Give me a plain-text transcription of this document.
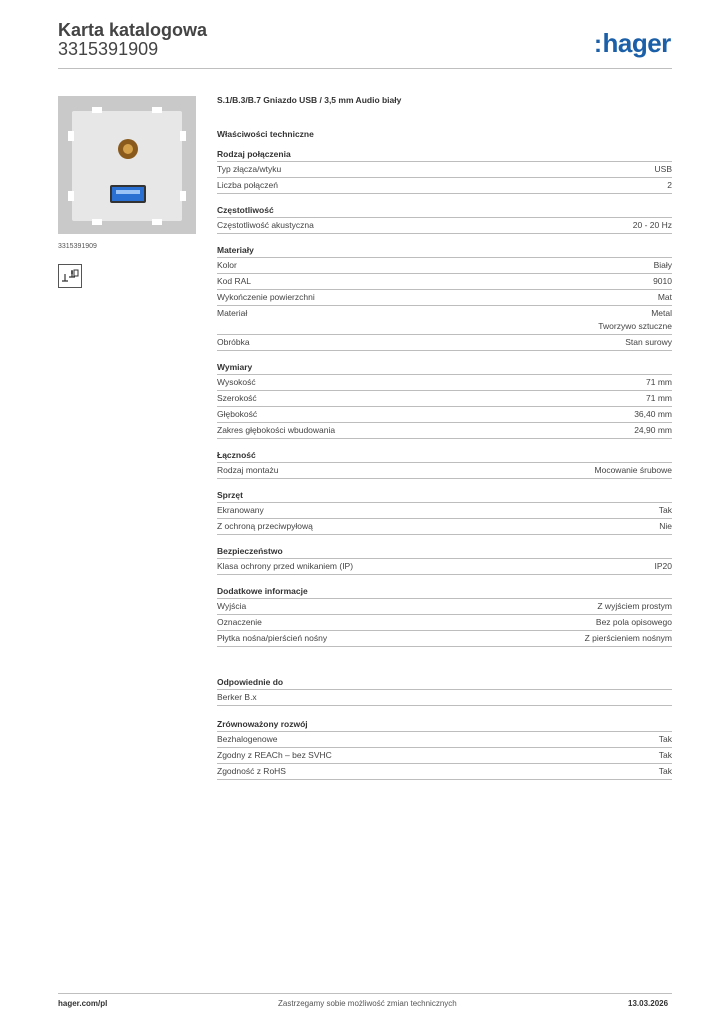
Karta katalogowa
3315391909	:hager
3315391909
S.1/B.3/B.7 Gniazdo USB / 3,5 mm Audio biały
Właściwości techniczne
Rodzaj połączenia
Typ złącza/wtyku	USB
Liczba połączeń	2
Częstotliwość
Częstotliwość akustyczna	20 - 20 Hz
Materiały
Kolor	Biały
Kod RAL	9010
Wykończenie powierzchni	Mat
Materiał	Metal
Tworzywo sztuczne
Obróbka	Stan surowy
Wymiary
Wysokość	71 mm
Szerokość	71 mm
Głębokość	36,40 mm
Zakres głębokości wbudowania	24,90 mm
Łączność
Rodzaj montażu	Mocowanie śrubowe
Sprzęt
Ekranowany	Tak
Z ochroną przeciwpyłową	Nie
Bezpieczeństwo
Klasa ochrony przed wnikaniem (IP)	IP20
Dodatkowe informacje
Wyjścia	Z wyjściem prostym
Oznaczenie	Bez pola opisowego
Płytka nośna/pierścień nośny	Z pierścieniem nośnym
Odpowiednie do
Berker B.x
Zrównoważony rozwój
Bezhalogenowe	Tak
Zgodny z REACh – bez SVHC	Tak
Zgodność z RoHS	Tak
hager.com/pl	Zastrzegamy sobie możliwość zmian technicznych	13.03.2026
